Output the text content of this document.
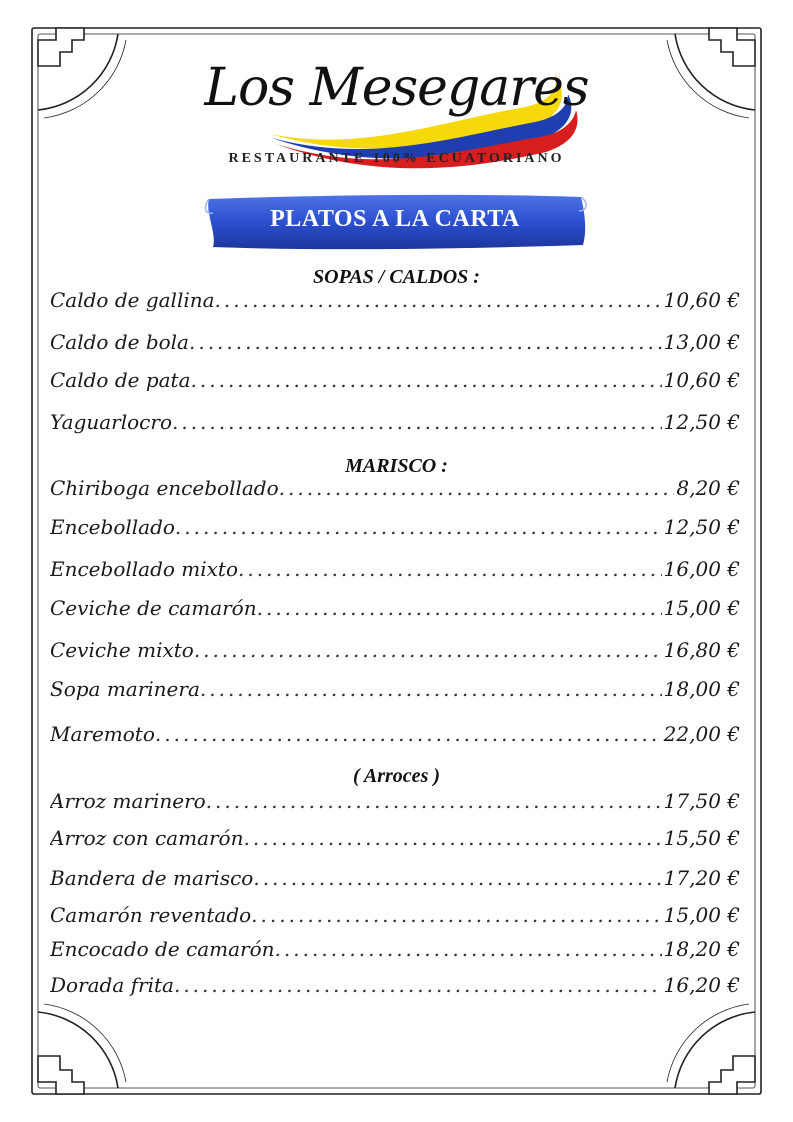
Los Mesegares
RESTAURANTE 100% ECUATORIANO
PLATOS A LA CARTA
SOPAS / CALDOS :
Caldo de gallina .....	10,60 €
Caldo de bola .....	13,00 €
Caldo de pata .....	10,60 €
Yaguarlocro .....	12,50 €
MARISCO :
Chiriboga encebollado .....	8,20 €
Encebollado .....	12,50 €
Encebollado mixto .....	16,00 €
Ceviche de camarón .....	15,00 €
Ceviche mixto .....	16,80 €
Sopa marinera .....	18,00 €
Maremoto .....	22,00 €
( Arroces )
Arroz marinero .....	17,50 €
Arroz con camarón .....	15,50 €
Bandera de marisco .....	17,20 €
Camarón reventado .....	15,00 €
Encocado de camarón .....	18,20 €
Dorada frita .....	16,20 €
